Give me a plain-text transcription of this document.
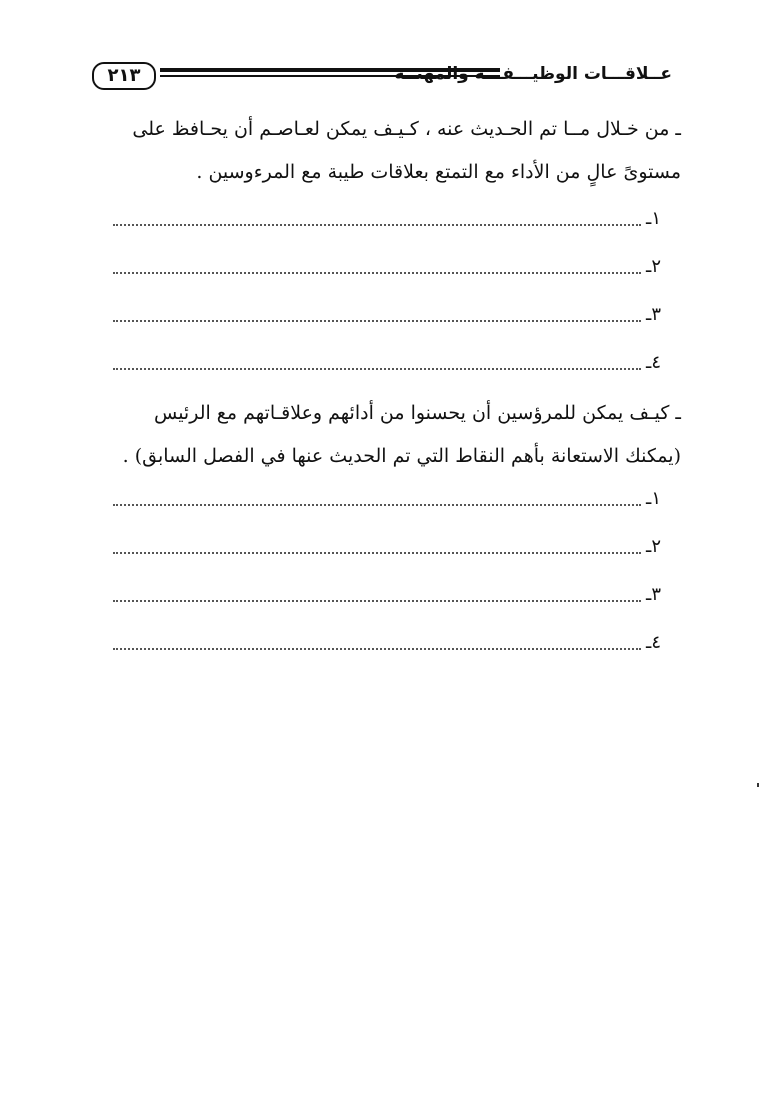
٢١٣	عــلاقـــات الوظيـــفـــة والمهنــة
ـ من خـلال مــا تم الحـديث عنه ، كـيـف يمكن لعـاصـم أن يحـافظ على
مستوىً عالٍ من الأداء مع التمتع بعلاقات طيبة مع المرءوسين .
١ـ
٢ـ
٣ـ
٤ـ
ـ كيـف يمكن للمرؤسين أن يحسنوا من أدائهم وعلاقـاتهم مع الرئيس
(يمكنك الاستعانة بأهم النقاط التي تم الحديث عنها في الفصل السابق) .
١ـ
٢ـ
٣ـ
٤ـ
